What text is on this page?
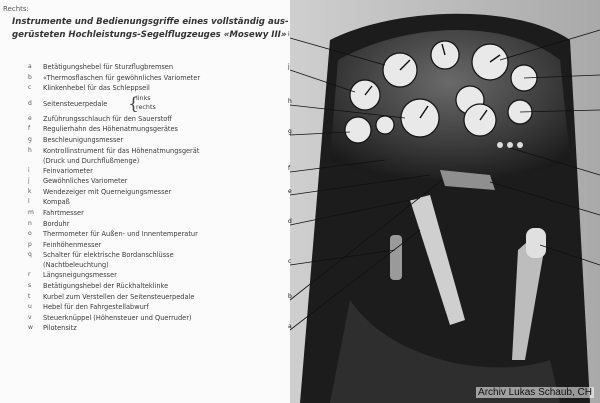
Rechts:
Instrumente und Bedienungsgriffe eines vollständig aus-
gerüsteten Hochleistungs-Segelflugzeuges «Mosewy III»
a	Betätigungshebel für Sturzflugbremsen
b	«Thermosflaschen für gewöhnliches Variometer
c	Klinkenhebel für das Schleppseil
d	Seitensteuerpedale {
links
rechts
e	Zuführungsschlauch für den Sauerstoff
f	Regulierhahn des Höhenatmungsgerätes
g	Beschleunigungsmesser
h	Kontrollinstrument für das Höhenatmungsgerät
(Druck und Durchflußmenge)
i	Feinvariometer
j	Gewöhnliches Variometer
k	Wendezeiger mit Querneigungsmesser
l	Kompaß
m	Fahrtmesser
n	Borduhr
o	Thermometer für Außen- und Innentemperatur
p	Feinhöhenmesser
q	Schalter für elektrische Bordanschlüsse
(Nachtbeleuchtung)
r	Längsneigungsmesser
s	Betätigungshebel der Rückhalteklinke
t	Kurbel zum Verstellen der Seitensteuerpedale
u	Hebel für den Fahrgestellabwurf
v	Steuerknüppel (Höhensteuer und Querruder)
w	Pilotensitz
i
j
h
g
f
e
d
c
b
a
Archiv Lukas Schaub, CH
